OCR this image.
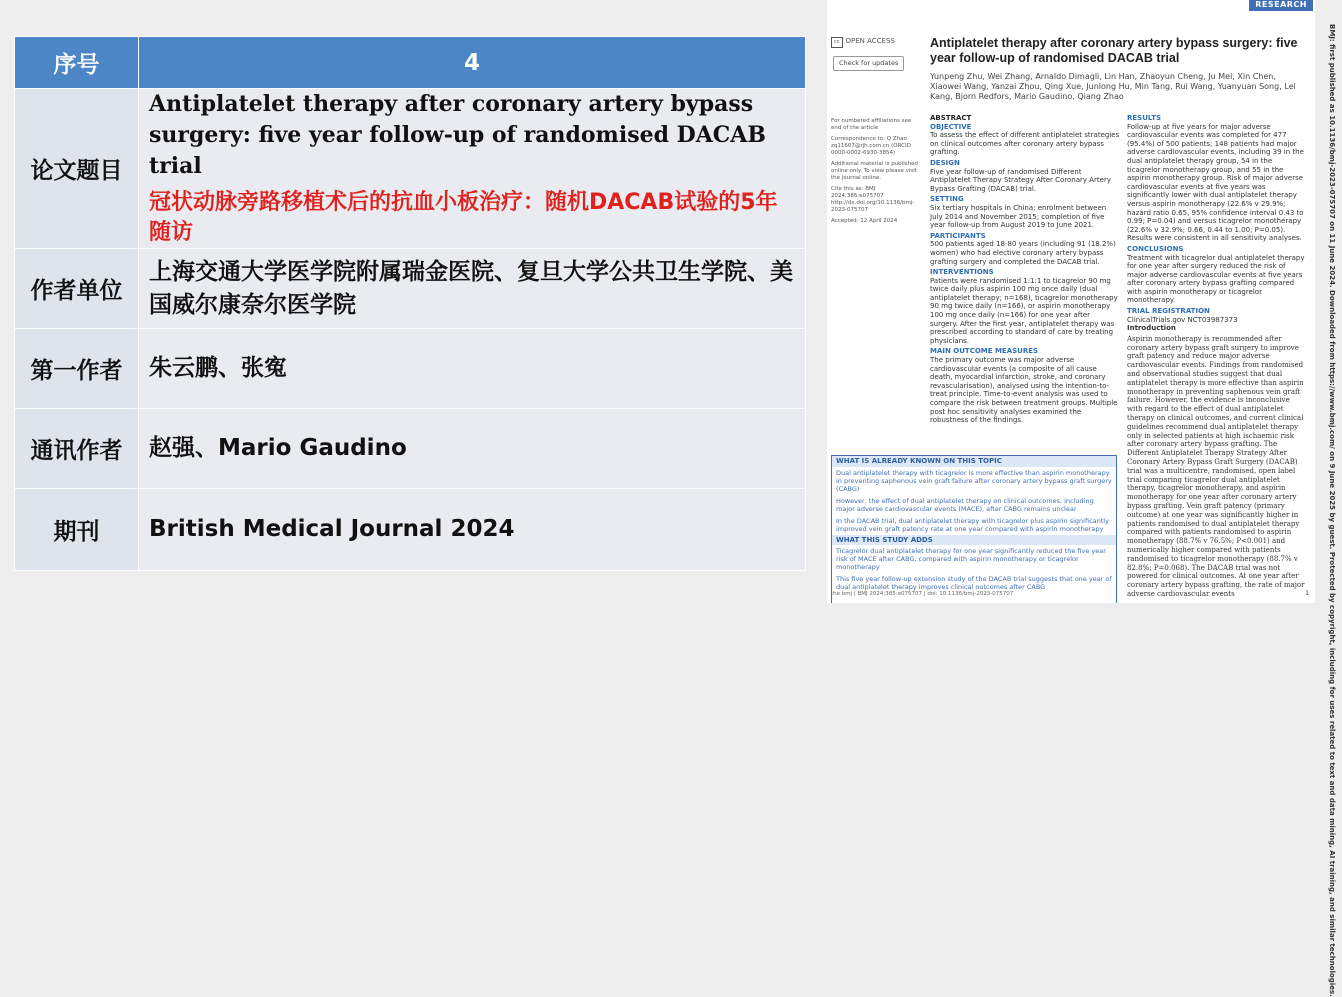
序号	4
论文题目	Antiplatelet therapy after coronary artery bypass surgery: five year follow-up of randomised DACAB trial
冠状动脉旁路移植术后的抗血小板治疗：随机DACAB试验的5年随访

作者单位	上海交通大学医学院附属瑞金医院、复旦大学公共卫生学院、美国威尔康奈尔医学院
第一作者	朱云鹏、张寃
通讯作者	赵强、Mario Gaudino
期刊	British Medical Journal 2024
RESEARCH
cc OPEN ACCESS
Check for updates
Antiplatelet therapy after coronary artery bypass surgery: five year follow-up of randomised DACAB trial
Yunpeng Zhu, Wei Zhang, Arnaldo Dimagli, Lin Han, Zhaoyun Cheng, Ju Mei, Xin Chen, Xiaowei Wang, Yanzai Zhou, Qing Xue, Junlong Hu, Min Tang, Rui Wang, Yuanyuan Song, Lei Kang, Bjorn Redfors, Mario Gaudino, Qiang Zhao

For numbered affiliations see end of the article

Correspondence to: Q Zhao zq11607@rjh.com.cn (ORCID 0000-0002-6930-3854)

Additional material is published online only. To view please visit the journal online.

Cite this as: BMJ 2024;385:e075707 http://dx.doi.org/10.1136/bmj-2023-075707

Accepted: 12 April 2024

ABSTRACT
OBJECTIVE

To assess the effect of different antiplatelet strategies on clinical outcomes after coronary artery bypass grafting.

DESIGN

Five year follow-up of randomised Different Antiplatelet Therapy Strategy After Coronary Artery Bypass Grafting (DACAB) trial.

SETTING

Six tertiary hospitals in China; enrolment between July 2014 and November 2015; completion of five year follow-up from August 2019 to June 2021.

PARTICIPANTS

500 patients aged 18-80 years (including 91 (18.2%) women) who had elective coronary artery bypass grafting surgery and completed the DACAB trial.

INTERVENTIONS

Patients were randomised 1:1:1 to ticagrelor 90 mg twice daily plus aspirin 100 mg once daily (dual antiplatelet therapy; n=168), ticagrelor monotherapy 90 mg twice daily (n=166), or aspirin monotherapy 100 mg once daily (n=166) for one year after surgery. After the first year, antiplatelet therapy was prescribed according to standard of care by treating physicians.

MAIN OUTCOME MEASURES

The primary outcome was major adverse cardiovascular events (a composite of all cause death, myocardial infarction, stroke, and coronary revascularisation), analysed using the intention-to-treat principle. Time-to-event analysis was used to compare the risk between treatment groups. Multiple post hoc sensitivity analyses examined the robustness of the findings.

RESULTS

Follow-up at five years for major adverse cardiovascular events was completed for 477 (95.4%) of 500 patients; 148 patients had major adverse cardiovascular events, including 39 in the dual antiplatelet therapy group, 54 in the ticagrelor monotherapy group, and 55 in the aspirin monotherapy group. Risk of major adverse cardiovascular events at five years was significantly lower with dual antiplatelet therapy versus aspirin monotherapy (22.6% v 29.9%; hazard ratio 0.65, 95% confidence interval 0.43 to 0.99; P=0.04) and versus ticagrelor monotherapy (22.6% v 32.9%; 0.66, 0.44 to 1.00; P=0.05). Results were consistent in all sensitivity analyses.

CONCLUSIONS

Treatment with ticagrelor dual antiplatelet therapy for one year after surgery reduced the risk of major adverse cardiovascular events at five years after coronary artery bypass grafting compared with aspirin monotherapy or ticagrelor monotherapy.

TRIAL REGISTRATION

ClinicalTrials.gov NCT03987373

Introduction

Aspirin monotherapy is recommended after coronary artery bypass graft surgery to improve graft patency and reduce major adverse cardiovascular events. Findings from randomised and observational studies suggest that dual antiplatelet therapy is more effective than aspirin monotherapy in preventing saphenous vein graft failure. However, the evidence is inconclusive with regard to the effect of dual antiplatelet therapy on clinical outcomes, and current clinical guidelines recommend dual antiplatelet therapy only in selected patients at high ischaemic risk after coronary artery bypass grafting. The Different Antiplatelet Therapy Strategy After Coronary Artery Bypass Graft Surgery (DACAB) trial was a multicentre, randomised, open label trial comparing ticagrelor dual antiplatelet therapy, ticagrelor monotherapy, and aspirin monotherapy for one year after coronary artery bypass grafting. Vein graft patency (primary outcome) at one year was significantly higher in patients randomised to dual antiplatelet therapy compared with patients randomised to aspirin monotherapy (88.7% v 76.5%; P<0.001) and numerically higher compared with patients randomised to ticagrelor monotherapy (88.7% v 82.8%; P=0.068). The DACAB trial was not powered for clinical outcomes. At one year after coronary artery bypass grafting, the rate of major adverse cardiovascular events

WHAT IS ALREADY KNOWN ON THIS TOPIC
Dual antiplatelet therapy with ticagrelor is more effective than aspirin monotherapy in preventing saphenous vein graft failure after coronary artery bypass graft surgery (CABG)
However, the effect of dual antiplatelet therapy on clinical outcomes, including major adverse cardiovascular events (MACE), after CABG remains unclear
In the DACAB trial, dual antiplatelet therapy with ticagrelor plus aspirin significantly improved vein graft patency rate at one year compared with aspirin monotherapy
WHAT THIS STUDY ADDS
Ticagrelor dual antiplatelet therapy for one year significantly reduced the five year risk of MACE after CABG, compared with aspirin monotherapy or ticagrelor monotherapy
This five year follow-up extension study of the DACAB trial suggests that one year of dual antiplatelet therapy improves clinical outcomes after CABG
the bmj | BMJ 2024;385:e075707 | doi: 10.1136/bmj-2023-075707	1	BMJ: first published as 10.1136/bmj-2023-075707 on 11 June 2024. Downloaded from https://www.bmj.com/ on 9 June 2025 by guest. Protected by copyright, including for uses related to text and data mining, AI training, and similar technologies.
